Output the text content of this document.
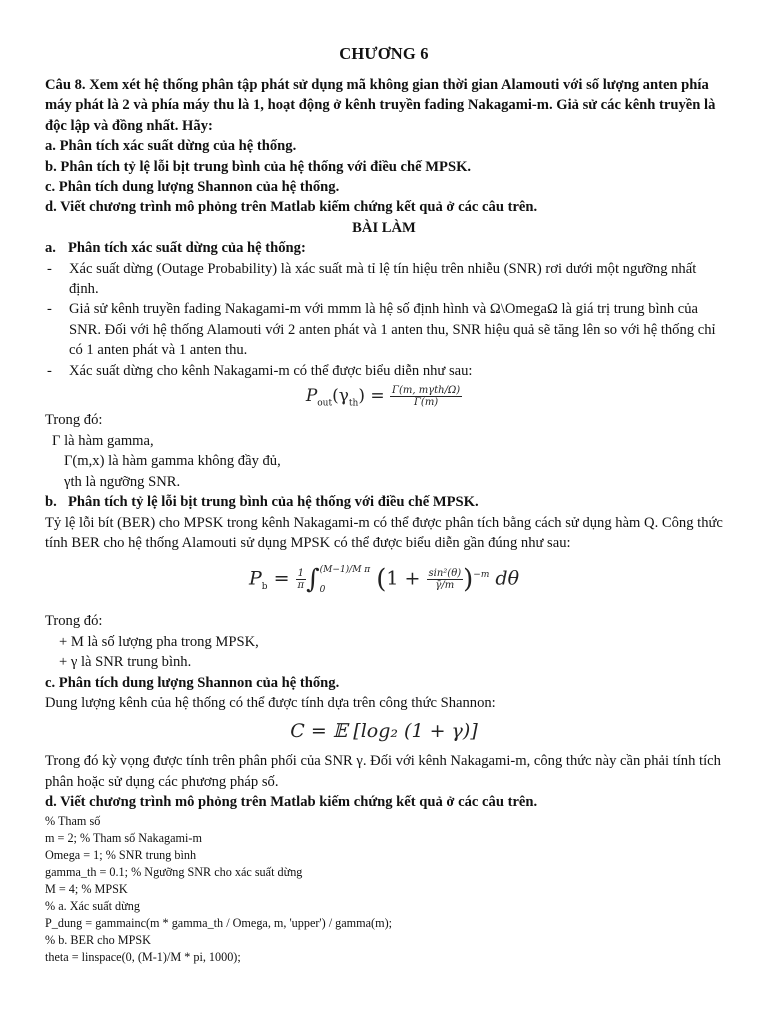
CHƯƠNG 6

Câu 8. Xem xét hệ thống phân tập phát sử dụng mã không gian thời gian Alamouti với số lượng anten phía máy phát là 2 và phía máy thu là 1, hoạt động ở kênh truyền fading Nakagami-m. Giả sử các kênh truyền là độc lập và đồng nhất. Hãy:

a. Phân tích xác suất dừng của hệ thống.

b. Phân tích tỷ lệ lỗi bịt trung bình của hệ thống với điều chế MPSK.

c. Phân tích dung lượng Shannon của hệ thống.

d. Viết chương trình mô phỏng trên Matlab kiếm chứng kết quả ở các câu trên.

BÀI LÀM

a. Phân tích xác suất dừng của hệ thống:

- Xác suất dừng (Outage Probability) là xác suất mà tỉ lệ tín hiệu trên nhiễu (SNR) rơi dưới một ngưỡng nhất định.

- Giả sử kênh truyền fading Nakagami-m với mmm là hệ số định hình và Ω\OmegaΩ là giá trị trung bình của SNR. Đối với hệ thống Alamouti với 2 anten phát và 1 anten thu, SNR hiệu quả sẽ tăng lên so với hệ thống chỉ có 1 anten phát và 1 anten thu.

- Xác suất dừng cho kênh Nakagami-m có thể được biểu diễn như sau:

$P_{out}(\gamma_{th}) = \frac{\text{Γ(m, mγth/Ω)}}{\Gamma(m)}$

Trong đó:

Γ là hàm gamma,

Γ(m,x) là hàm gamma không đầy đủ,

γth là ngưỡng SNR.

b. Phân tích tỷ lệ lỗi bịt trung bình của hệ thống với điều chế MPSK.

Tỷ lệ lỗi bít (BER) cho MPSK trong kênh Nakagami-m có thể được phân tích bằng cách sử dụng hàm Q. Công thức tính BER cho hệ thống Alamouti sử dụng MPSK có thể được biểu diễn gần đúng như sau:

$P_b = \frac{1}{\pi}$ ∫ (M−1)/M π
0	$(1 + \frac{\text{sin²(θ)}}{\gammā/m} )^{-m}$ dθ

Trong đó:

+ M là số lượng pha trong MPSK,

+ γ là SNR trung bình.

c. Phân tích dung lượng Shannon của hệ thống.

Dung lượng kênh của hệ thống có thể được tính dựa trên công thức Shannon:

C = 𝔼 [log₂ (1 + γ)]

Trong đó kỳ vọng được tính trên phân phối của SNR γ. Đối với kênh Nakagami-m, công thức này cần phải tính tích phân hoặc sử dụng các phương pháp số.

d. Viết chương trình mô phỏng trên Matlab kiếm chứng kết quả ở các câu trên.

% Tham số

m = 2; % Tham số Nakagami-m

Omega = 1; % SNR trung bình

gamma_th = 0.1; % Ngưỡng SNR cho xác suất dừng

M = 4; % MPSK

% a. Xác suất dừng

P_dung = gammainc(m * gamma_th / Omega, m, 'upper') / gamma(m);

% b. BER cho MPSK

theta = linspace(0, (M-1)/M * pi, 1000);
